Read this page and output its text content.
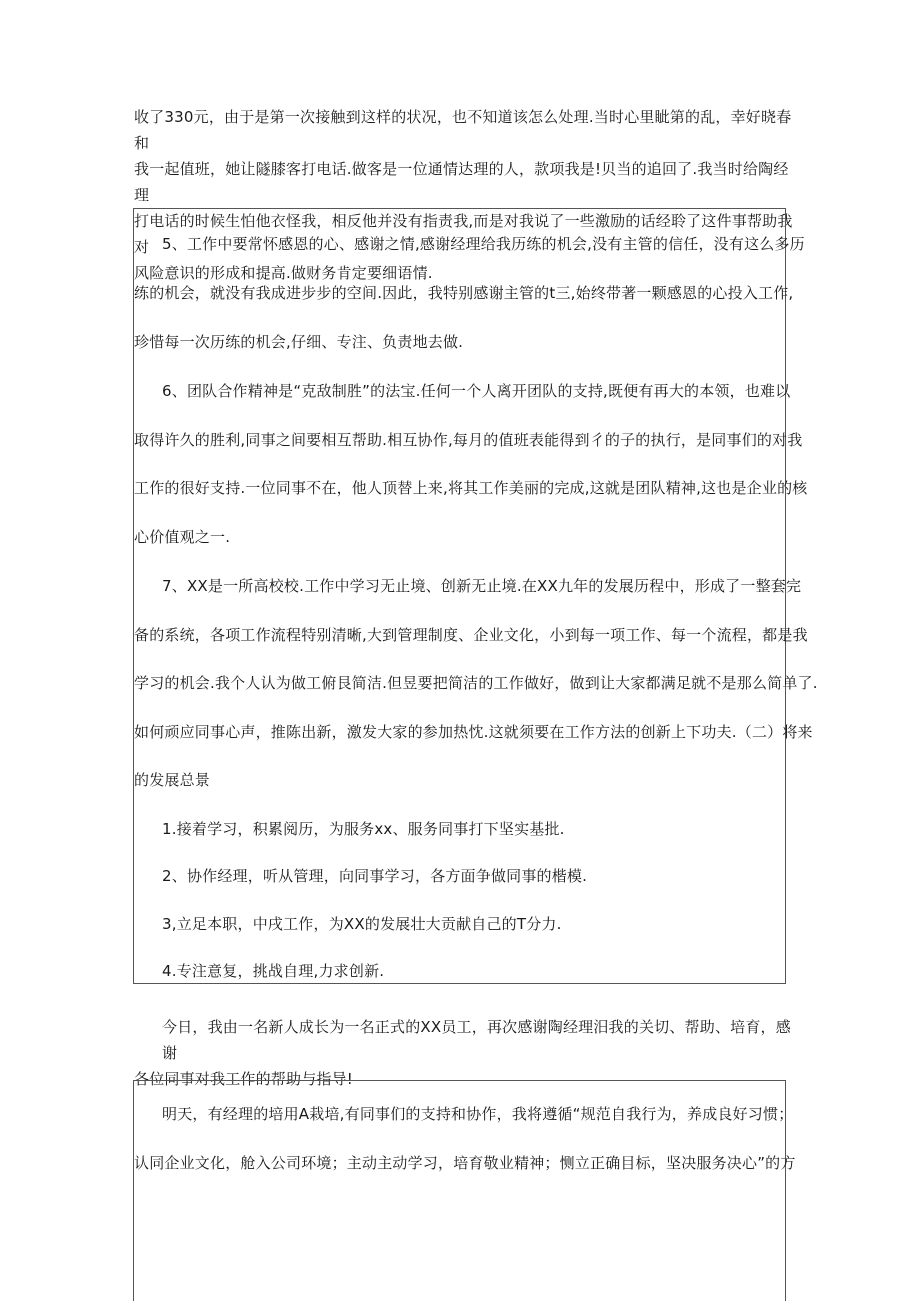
收了330元，由于是第一次接触到这样的状况，也不知道该怎么处理.当时心里眦第的乱，幸好晓春和
我一起值班，她让隧膝客打电话.做客是一位通情达理的人，款项我是!贝当的追回了.我当时给陶经理
打电话的时候生怕他衣怪我，相反他并没有指责我,而是对我说了一些激励的话经聆了这件事帮助我对
风险意识的形成和提高.做财务肯定要细语情.

5、工作中要常怀感恩的心、感谢之情,感谢经理给我历练的机会,没有主管的信任，没有这么多历

练的机会，就没有我成进步步的空间.因此，我特别感谢主管的t三,始终带著一颗感恩的心投入工作,

珍惜每一次历练的机会,仔细、专注、负责地去做.

6、团队合作精神是“克敌制胜”的法宝.任何一个人离开团队的支持,既便有再大的本领，也难以

取得许久的胜利,同事之间要相互帮助.相互协作,每月的值班表能得到彳的子的执行，是同事们的对我

工作的很好支持.一位同事不在，他人顶替上来,将其工作美丽的完成,这就是团队精神,这也是企业的核

心价值观之一.

7、XX是一所高校校.工作中学习无止境、创新无止境.在XX九年的发展历程中，形成了一整套完

备的系统，各项工作流程特别清晰,大到管理制度、企业文化，小到每一项工作、每一个流程，都是我

学习的机会.我个人认为做工俯艮简洁.但昱要把简洁的工作做好，做到让大家都满足就不是那么简单了.

如何顽应同事心声，推陈出新，激发大家的参加热忱.这就须要在工作方法的创新上下功夫.（二）将来

的发展总景

1.接着学习，积累阅历，为服务xx、服务同事打下坚实基批.

2、协作经理，听从管理，向同事学习，各方面争做同事的楷模.

3,立足本职，中戌工作，为XX的发展壮大贡献自己的T分力.

4.专注意复，挑战自理,力求创新.

今日，我由一名新人成长为一名正式的XX员工，再次感谢陶经理汨我的关切、帮助、培育，感谢
各位同事对我工作的帮助与指导!

明天，有经理的培用A栽培,有同事们的支持和协作，我将遵循“规范自我行为，养成良好习惯；

认同企业文化，舱入公司环境；主动主动学习，培育敬业精神；恻立正确目标，坚决服务决心”的方
